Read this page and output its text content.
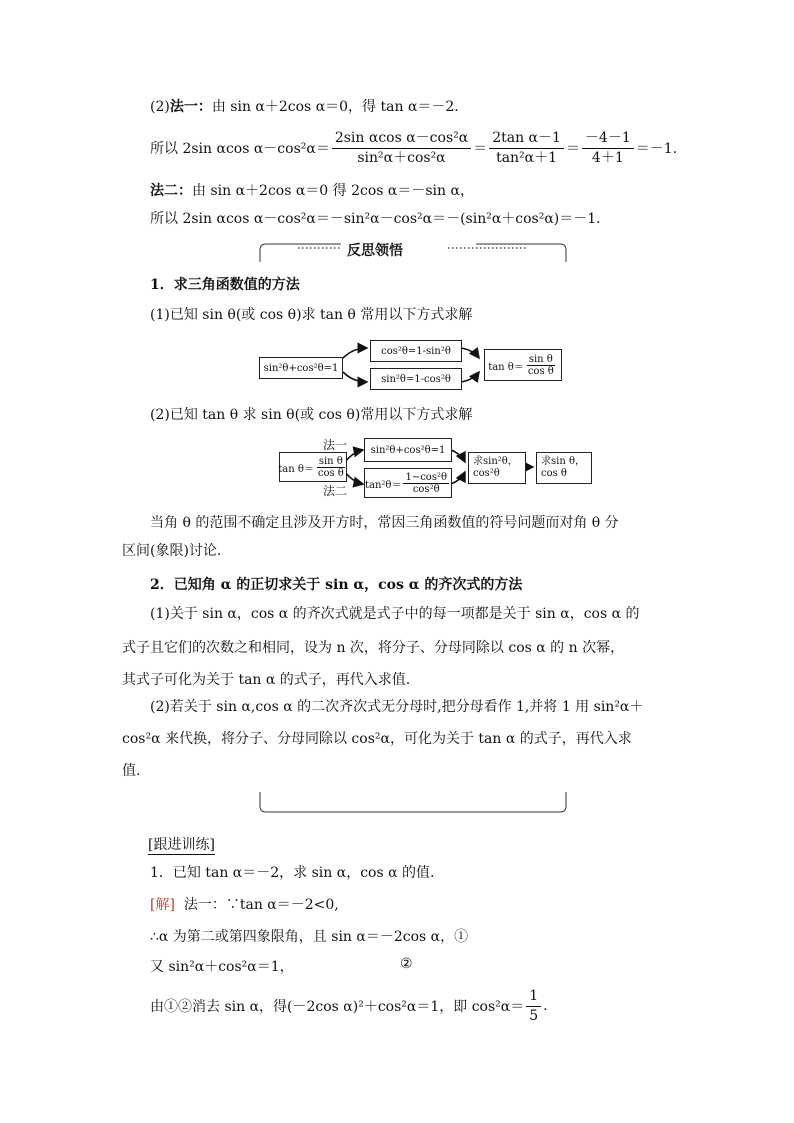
(2)法一：由 sin α＋2cos α＝0，得 tan α＝－2.
所以 2sin αcos $\alpha-\cos^2\alpha= \frac{\text{2sin αcos α－cos²α}}{\text{sin²α＋cos²α}} = \frac{\text{2tan α－1}}{\text{tan²α＋1}} = \frac{-4-1}{4+1} =-1$.
法二：由 sin α＋2cos α＝0 得 2cos α＝－sin α，
所以 2sin αcos α－cos²α＝－sin²α－cos²α＝－(sin²α＋cos²α)＝－1.
反思领悟
1．求三角函数值的方法
(1)已知 sin θ(或 cos θ)求 tan θ 常用以下方式求解
sin²θ+cos²θ=1
cos²θ=1-sin²θ
sin²θ=1-cos²θ
$\tan \theta= \frac{\text{sin θ}}{\text{cos θ}}$
(2)已知 tan θ 求 sin θ(或 cos θ)常用以下方式求解
法一
法二
$\tan \theta= \frac{\text{sin θ}}{\text{cos θ}}$
sin²θ+cos²θ=1
$\tan^2\theta= \frac{\text{1−cos²θ}}{\text{cos²θ}}$
求sin²θ，
cos²θ
求sin θ，
cos θ
当角 θ 的范围不确定且涉及开方时，常因三角函数值的符号问题而对角 θ 分
区间(象限)讨论.
2．已知角 α 的正切求关于 sin α，cos α 的齐次式的方法
(1)关于 sin α，cos α 的齐次式就是式子中的每一项都是关于 sin α，cos α 的
式子且它们的次数之和相同，设为 n 次，将分子、分母同除以 cos α 的 n 次幂，
其式子可化为关于 tan α 的式子，再代入求值.
(2)若关于 sin α,cos α 的二次齐次式无分母时,把分母看作 1,并将 1 用 sin²α＋
cos²α 来代换，将分子、分母同除以 cos²α，可化为关于 tan α 的式子，再代入求
值.
[跟进训练]
1．已知 tan α＝－2，求 sin α，cos α 的值.
[解] 法一：∵tan α＝－2<0,
∴α 为第二或第四象限角，且 sin α＝－2cos α，①
又 sin²α＋cos²α＝1，	②
由①②消去 sin α，得(－2cos α)²＋cos²α＝1，即 $\cos^2\alpha= \frac{1}{5}$ .
